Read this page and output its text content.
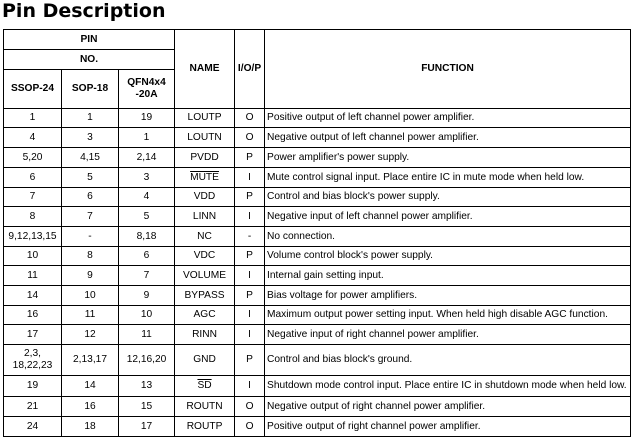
Pin Description
PIN			NAME	I/O/P	FUNCTION
NO.					
SSOP-24	SOP-18	QFN4x4
-20A			
1	1	19	LOUTP	O	Positive output of left channel power amplifier.
4	3	1	LOUTN	O	Negative output of left channel power amplifier.
5,20	4,15	2,14	PVDD	P	Power amplifier's power supply.
6	5	3	MUTE	I	Mute control signal input. Place entire IC in mute mode when held low.
7	6	4	VDD	P	Control and bias block's power supply.
8	7	5	LINN	I	Negative input of left channel power amplifier.
9,12,13,15	-	8,18	NC	-	No connection.
10	8	6	VDC	P	Volume control block's power supply.
11	9	7	VOLUME	I	Internal gain setting input.
14	10	9	BYPASS	P	Bias voltage for power amplifiers.
16	11	10	AGC	I	Maximum output power setting input. When held high disable AGC function.
17	12	11	RINN	I	Negative input of right channel power amplifier.
2,3,
18,22,23	2,13,17	12,16,20	GND	P	Control and bias block's ground.
19	14	13	$\overline{SD}$	I	Shutdown mode control input. Place entire IC in shutdown mode when held low.
21	16	15	ROUTN	O	Negative output of right channel power amplifier.
24	18	17	ROUTP	O	Positive output of right channel power amplifier.
